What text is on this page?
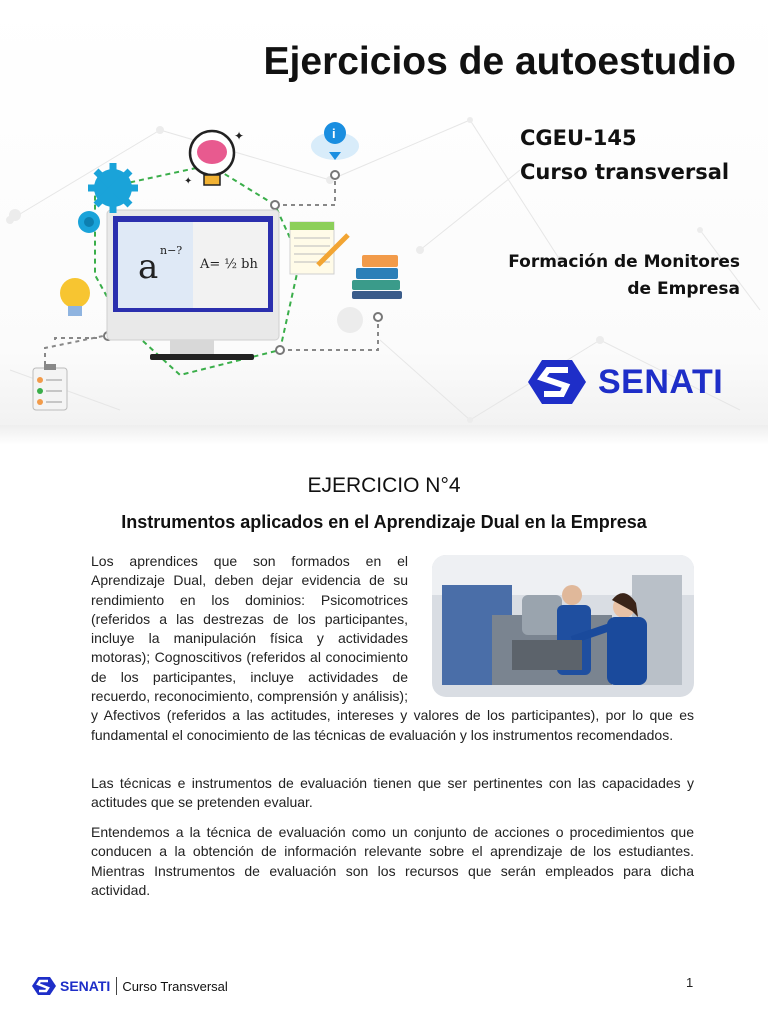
a n−?
A= ½ bh
✦
✦
i
Ejercicios de autoestudio
CGEU-145
Curso transversal
Formación de Monitores
de Empresa
SENATI
EJERCICIO N°4
Instrumentos aplicados en el Aprendizaje Dual en la Empresa
Los aprendices que son formados en el Aprendizaje Dual, deben dejar evidencia de su rendimiento en los dominios: Psicomotrices (referidos a las destrezas de los participantes, incluye la manipulación física y actividades motoras); Cognoscitivos (referidos al conocimiento de los participantes, incluye actividades de recuerdo, reconocimiento, comprensión y análisis); y Afectivos (referidos a las actitudes, intereses y valores de los participantes), por lo que es fundamental el conocimiento de las técnicas de evaluación y los instrumentos recomendados.

Las técnicas e instrumentos de evaluación tienen que ser pertinentes con las capacidades y actitudes que se pretenden evaluar.

Entendemos a la técnica de evaluación como un conjunto de acciones o procedimientos que conducen a la obtención de información relevante sobre el aprendizaje de los estudiantes. Mientras Instrumentos de evaluación son los recursos que serán empleados para dicha actividad.

SENATI Curso Transversal	1
